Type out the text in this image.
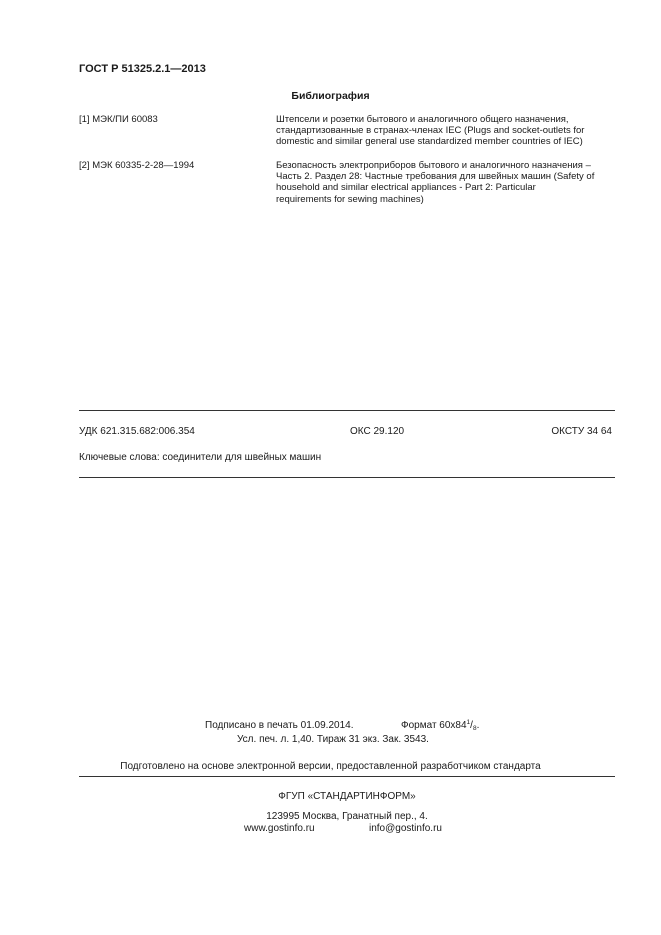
ГОСТ Р 51325.2.1—2013
Библиография
[1] МЭК/ПИ 60083	Штепсели и розетки бытового и аналогичного общего назначения,
стандартизованные в странах-членах IEC (Plugs and socket-outlets for
domestic and similar general use standardized member countries of IEC)
[2] МЭК 60335-2-28—1994	Безопасность электроприборов бытового и аналогичного назначения –
Часть 2. Раздел 28: Частные требования для швейных машин (Safety of
household and similar electrical appliances - Part 2: Particular
requirements for sewing machines)
УДК 621.315.682:006.354	ОКС 29.120	ОКСТУ 34 64
Ключевые слова: соединители для швейных машин
Подписано в печать 01.09.2014.	Формат $60x84^1/_8$.
Усл. печ. л. 1,40. Тираж 31 экз. Зак. 3543.
Подготовлено на основе электронной версии, предоставленной разработчиком стандарта
ФГУП «СТАНДАРТИНФОРМ»
123995 Москва, Гранатный пер., 4.
www.gostinfo.ru	info@gostinfo.ru
